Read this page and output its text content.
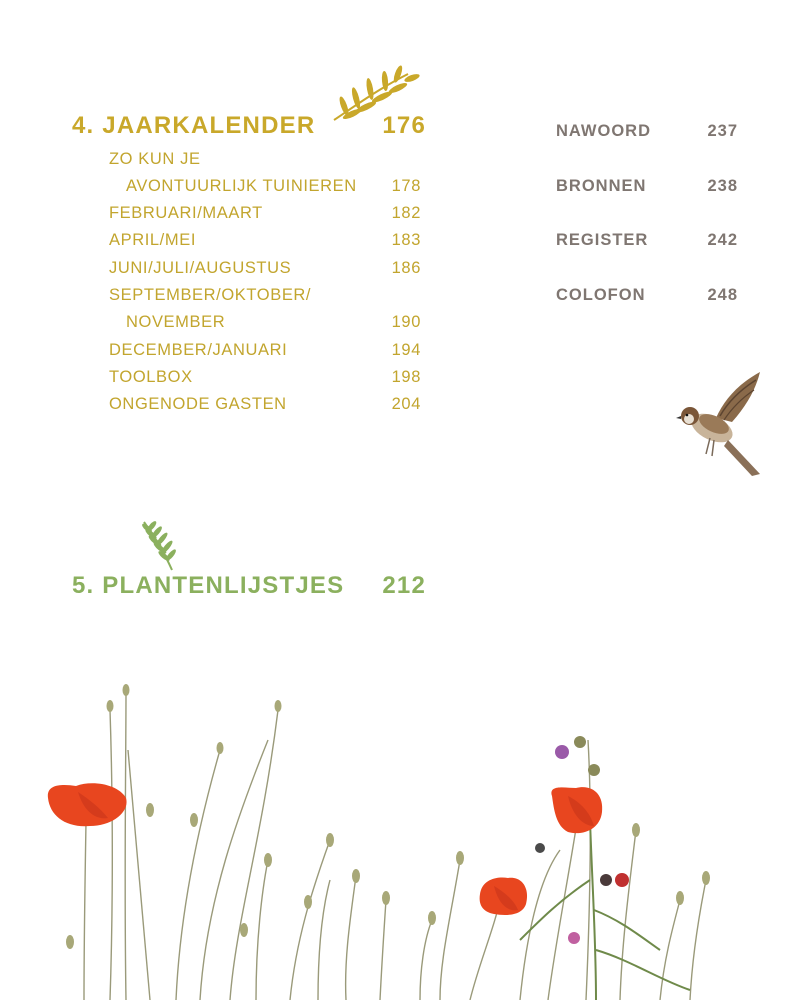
4. JAARKALENDER	176
ZO KUN JE
AVONTUURLIJK TUINIEREN 178
FEBRUARI/MAART	182
APRIL/MEI	183
JUNI/JULI/AUGUSTUS	186
SEPTEMBER/OKTOBER/
NOVEMBER	190
DECEMBER/JANUARI	194
TOOLBOX	198
ONGENODE GASTEN	204
NAWOORD	237
BRONNEN	238
REGISTER	242
COLOFON	248
5. PLANTENLIJSTJES 212
